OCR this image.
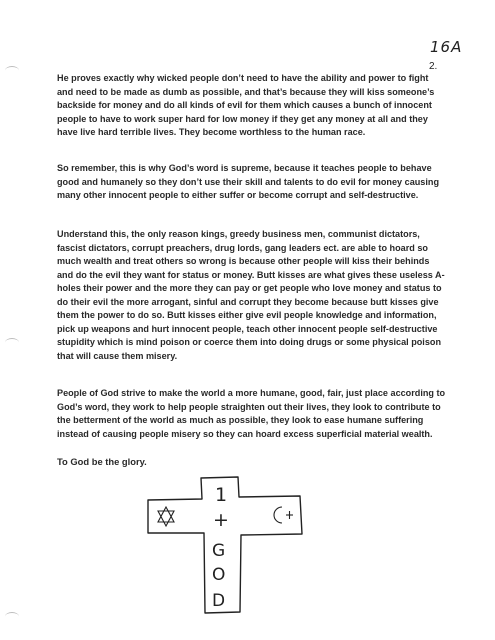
16A
2.

He proves exactly why wicked people don’t need to have the ability and power to fight and need to be made as dumb as possible, and that’s because they will kiss someone’s backside for money and do all kinds of evil for them which causes a bunch of innocent people to have to work super hard for low money if they get any money at all and they have live hard terrible lives. They become worthless to the human race.

So remember, this is why God’s word is supreme, because it teaches people to behave good and humanely so they don’t use their skill and talents to do evil for money causing many other innocent people to either suffer or become corrupt and self-destructive.

Understand this, the only reason kings, greedy business men, communist dictators, fascist dictators, corrupt preachers, drug lords, gang leaders ect. are able to hoard so much wealth and treat others so wrong is because other people will kiss their behinds and do the evil they want for status or money. Butt kisses are what gives these useless A-holes their power and the more they can pay or get people who love money and status to do their evil the more arrogant, sinful and corrupt they become because butt kisses give them the power to do so. Butt kisses either give evil people knowledge and information, pick up weapons and hurt innocent people, teach other innocent people self-destructive stupidity which is mind poison or coerce them into doing drugs or some physical poison that will cause them misery.

People of God strive to make the world a more humane, good, fair, just place according to God’s word, they work to help people straighten out their lives, they look to contribute to the betterment of the world as much as possible, they look to ease humane suffering instead of causing people misery so they can hoard excess superficial material wealth.

To God be the glory.

1
+
G
O
D
